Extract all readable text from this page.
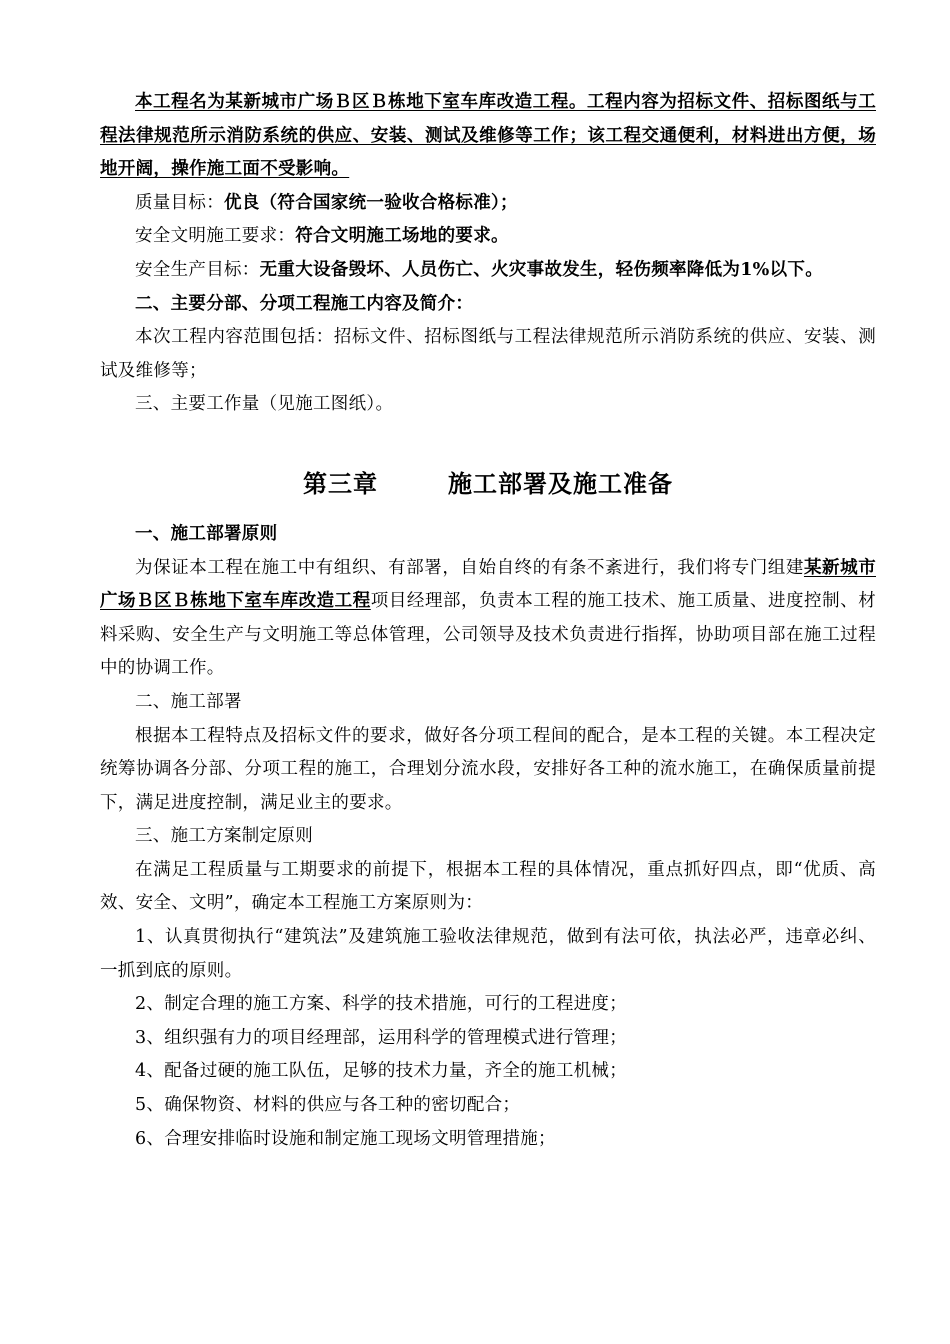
本工程名为某新城市广场Ｂ区Ｂ栋地下室车库改造工程。工程内容为招标文件、招标图纸与工程法律规范所示消防系统的供应、安装、测试及维修等工作；该工程交通便利，材料进出方便，场地开阔，操作施工面不受影响。

质量目标：优良（符合国家统一验收合格标准）；

安全文明施工要求：符合文明施工场地的要求。

安全生产目标：无重大设备毁坏、人员伤亡、火灾事故发生，轻伤频率降低为1%以下。

二、主要分部、分项工程施工内容及简介：

本次工程内容范围包括：招标文件、招标图纸与工程法律规范所示消防系统的供应、安装、测试及维修等；

三、主要工作量（见施工图纸）。

第三章	施工部署及施工准备

一、施工部署原则

为保证本工程在施工中有组织、有部署，自始自终的有条不紊进行，我们将专门组建某新城市广场Ｂ区Ｂ栋地下室车库改造工程项目经理部，负责本工程的施工技术、施工质量、进度控制、材料采购、安全生产与文明施工等总体管理，公司领导及技术负责进行指挥，协助项目部在施工过程中的协调工作。

二、施工部署

根据本工程特点及招标文件的要求，做好各分项工程间的配合，是本工程的关键。本工程决定统筹协调各分部、分项工程的施工，合理划分流水段，安排好各工种的流水施工，在确保质量前提下，满足进度控制，满足业主的要求。

三、施工方案制定原则

在满足工程质量与工期要求的前提下，根据本工程的具体情况，重点抓好四点，即“优质、高效、安全、文明”，确定本工程施工方案原则为：

1、认真贯彻执行“建筑法”及建筑施工验收法律规范，做到有法可依，执法必严，违章必纠、一抓到底的原则。

2、制定合理的施工方案、科学的技术措施，可行的工程进度；

3、组织强有力的项目经理部，运用科学的管理模式进行管理；

4、配备过硬的施工队伍，足够的技术力量，齐全的施工机械；

5、确保物资、材料的供应与各工种的密切配合；

6、合理安排临时设施和制定施工现场文明管理措施；
